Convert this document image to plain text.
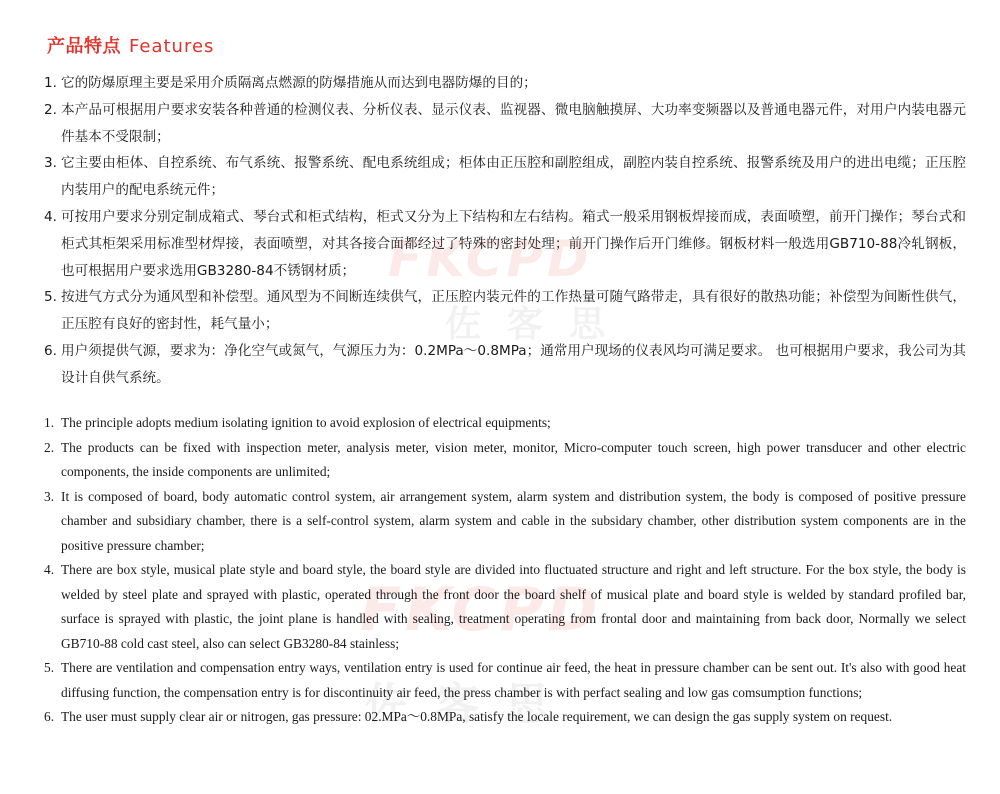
FKCPD
佐客思
FKCPD
佐客思
产品特点 Features
1. 它的防爆原理主要是采用介质隔离点燃源的防爆措施从而达到电器防爆的目的；
2. 本产品可根据用户要求安装各种普通的检测仪表、分析仪表、显示仪表、监视器、微电脑触摸屏、大功率变频器以及普通电器元件，对用户内装电器元件基本不受限制；
3. 它主要由柜体、自控系统、布气系统、报警系统、配电系统组成；柜体由正压腔和副腔组成，副腔内装自控系统、报警系统及用户的进出电缆；正压腔内装用户的配电系统元件；
4. 可按用户要求分别定制成箱式、琴台式和柜式结构，柜式又分为上下结构和左右结构。箱式一般采用钢板焊接而成，表面喷塑，前开门操作；琴台式和柜式其柜架采用标准型材焊接，表面喷塑，对其各接合面都经过了特殊的密封处理；前开门操作后开门维修。钢板材料一般选用GB710-88冷轧钢板，也可根据用户要求选用GB3280-84不锈钢材质；
5. 按进气方式分为通风型和补偿型。通风型为不间断连续供气，正压腔内装元件的工作热量可随气路带走，具有很好的散热功能；补偿型为间断性供气，正压腔有良好的密封性，耗气量小；
6. 用户须提供气源，要求为：净化空气或氮气，气源压力为：0.2MPa～0.8MPa；通常用户现场的仪表风均可满足要求。 也可根据用户要求，我公司为其设计自供气系统。
1. The principle adopts medium isolating ignition to avoid explosion of electrical equipments;
2. The products can be fixed with inspection meter, analysis meter, vision meter, monitor, Micro-computer touch screen, high power transducer and other electric components, the inside components are unlimited;
3. It is composed of board, body automatic control system, air arrangement system, alarm system and distribution system, the body is composed of positive pressure chamber and subsidiary chamber, there is a self-control system, alarm system and cable in the subsidary chamber, other distribution system components are in the positive pressure chamber;
4. There are box style, musical plate style and board style, the board style are divided into fluctuated structure and right and left structure. For the box style, the body is welded by steel plate and sprayed with plastic, operated through the front door the board shelf of musical plate and board style is welded by standard profiled bar, surface is sprayed with plastic, the joint plane is handled with sealing, treatment operating from frontal door and maintaining from back door, Normally we select GB710-88 cold cast steel, also can select GB3280-84 stainless;
5. There are ventilation and compensation entry ways, ventilation entry is used for continue air feed, the heat in pressure chamber can be sent out. It's also with good heat diffusing function, the compensation entry is for discontinuity air feed, the press chamber is with perfact sealing and low gas comsumption functions;
6. The user must supply clear air or nitrogen, gas pressure: 02.MPa～0.8MPa, satisfy the locale requirement, we can design the gas supply system on request.
